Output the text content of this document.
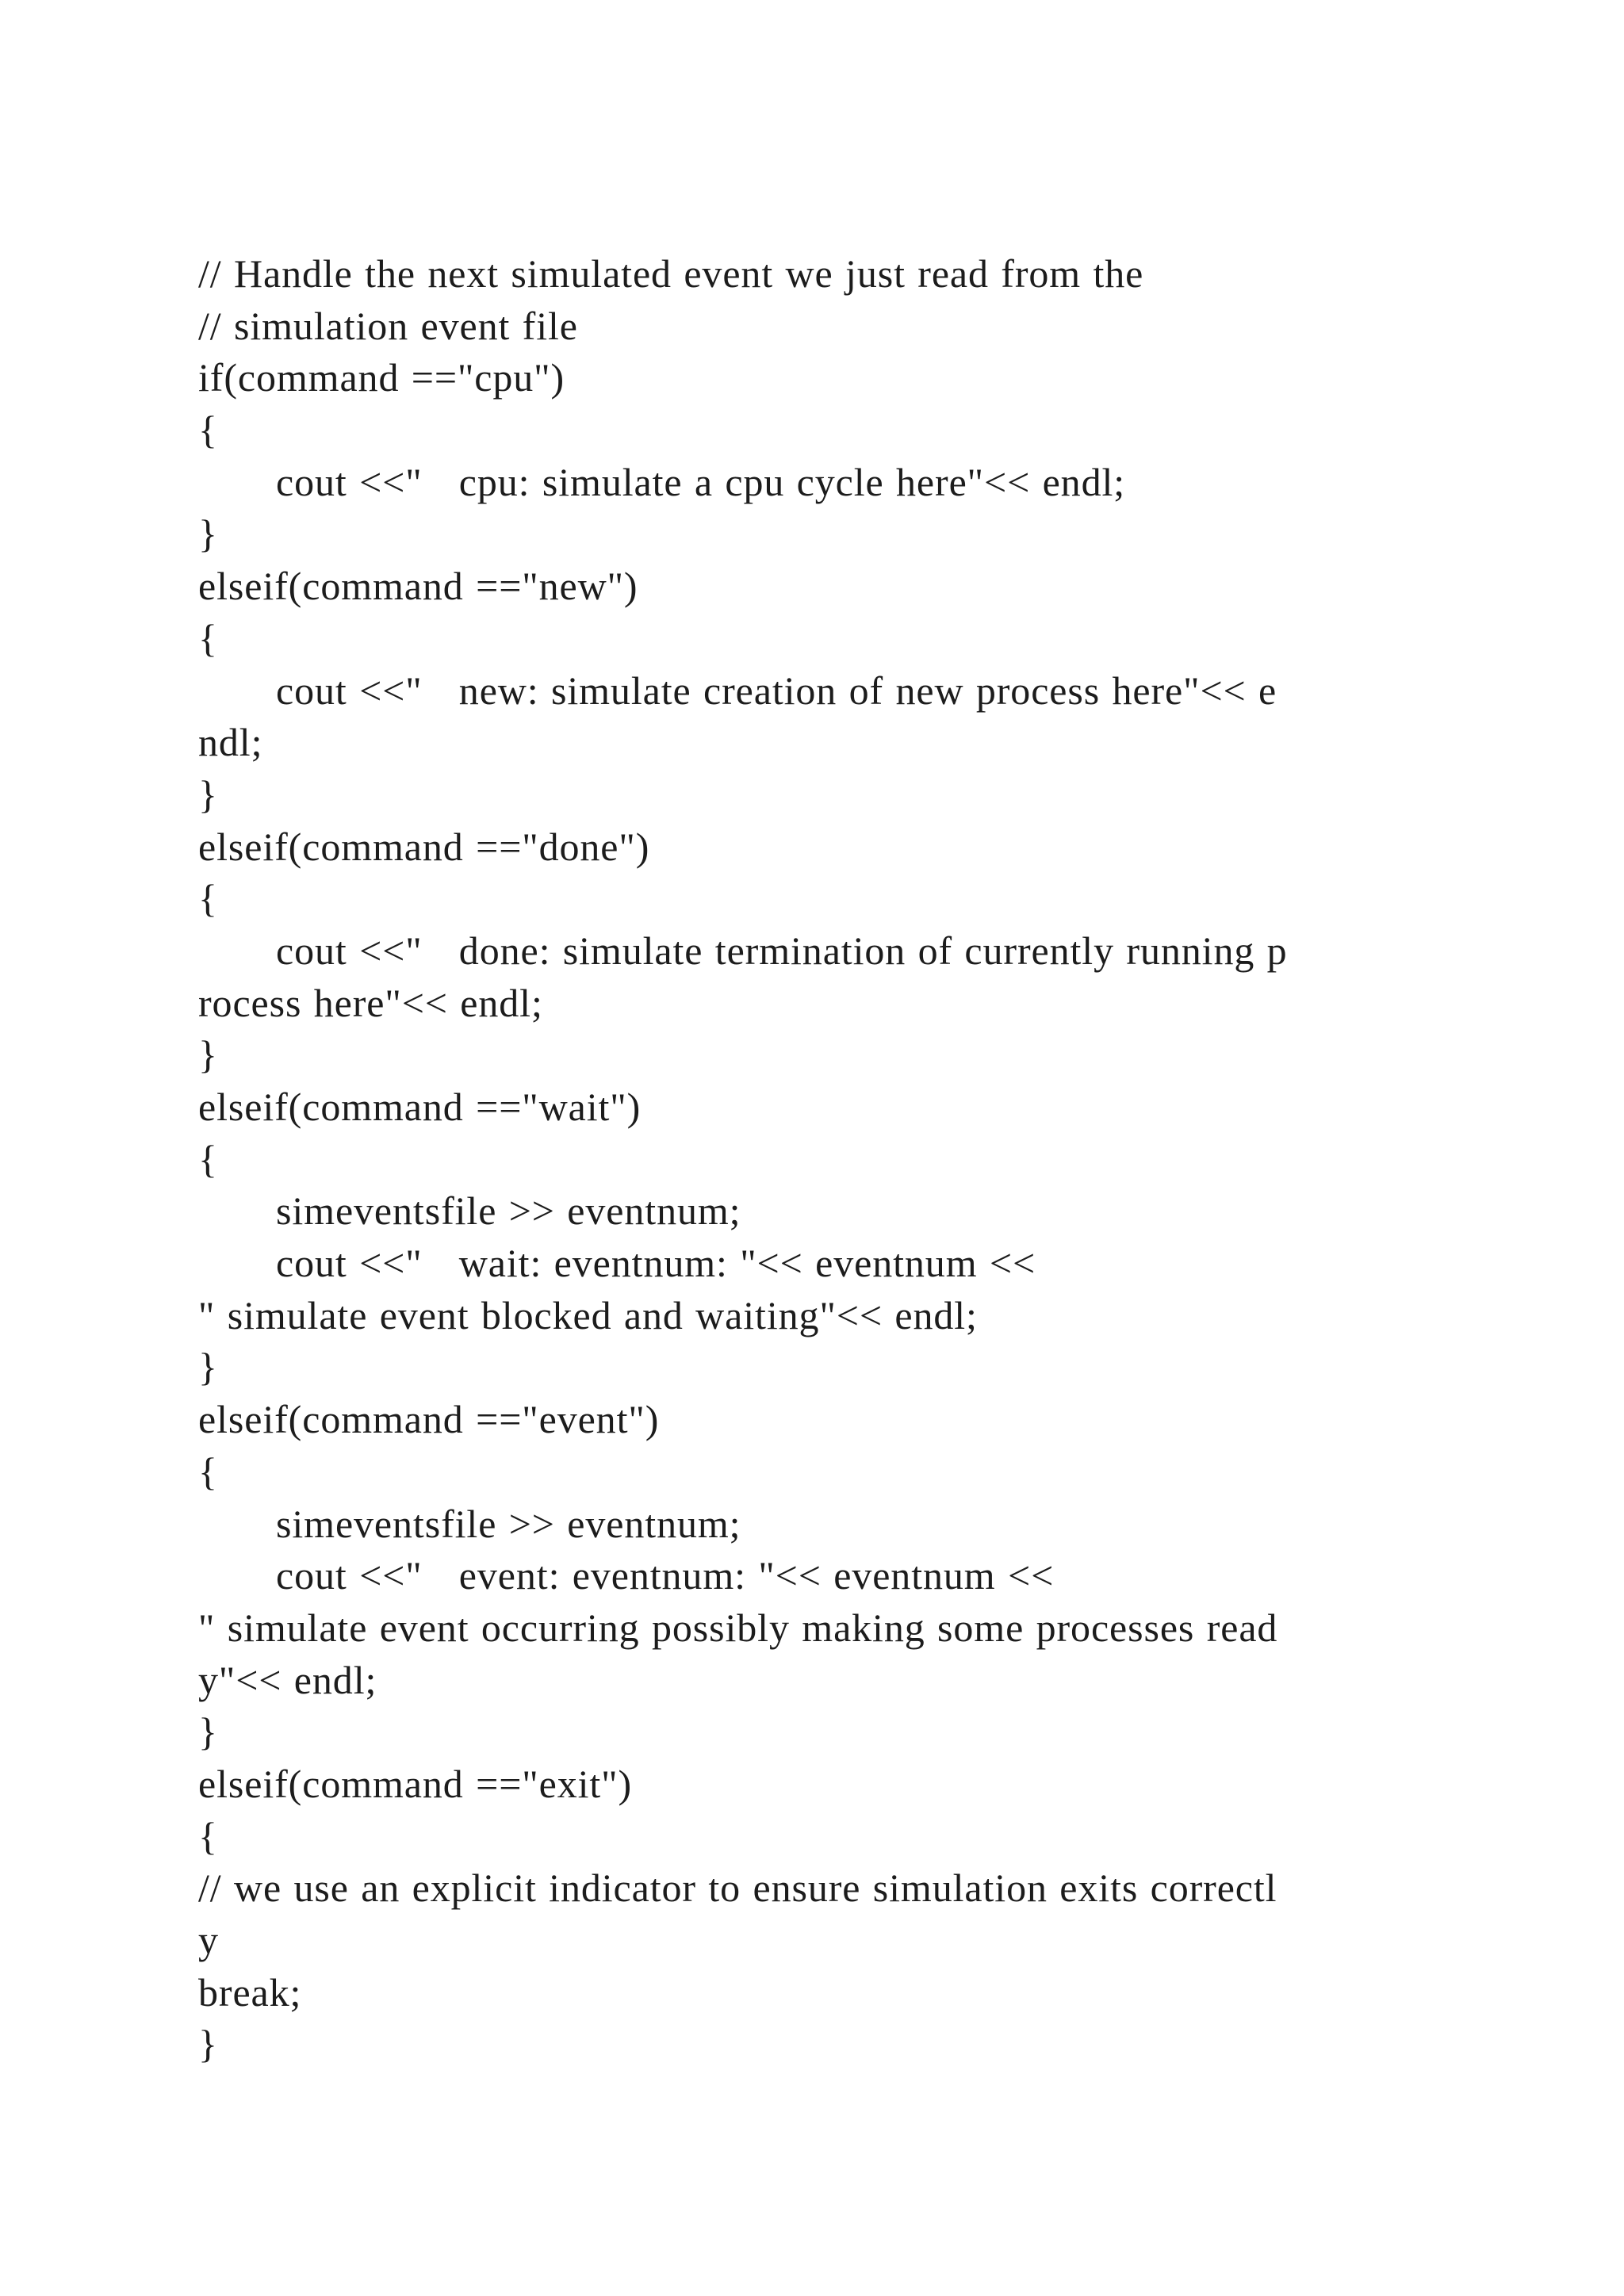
// Handle the next simulated event we just read from the
// simulation event file
if(command =="cpu")
{
cout <<"   cpu: simulate a cpu cycle here"<< endl;
}
elseif(command =="new")
{
cout <<"   new: simulate creation of new process here"<< e
ndl;
}
elseif(command =="done")
{
cout <<"   done: simulate termination of currently running p
rocess here"<< endl;
}
elseif(command =="wait")
{
simeventsfile >> eventnum;
cout <<"   wait: eventnum: "<< eventnum <<
" simulate event blocked and waiting"<< endl;
}
elseif(command =="event")
{
simeventsfile >> eventnum;
cout <<"   event: eventnum: "<< eventnum <<
" simulate event occurring possibly making some processes read
y"<< endl;
}
elseif(command =="exit")
{
// we use an explicit indicator to ensure simulation exits correctl
y
break;
}
